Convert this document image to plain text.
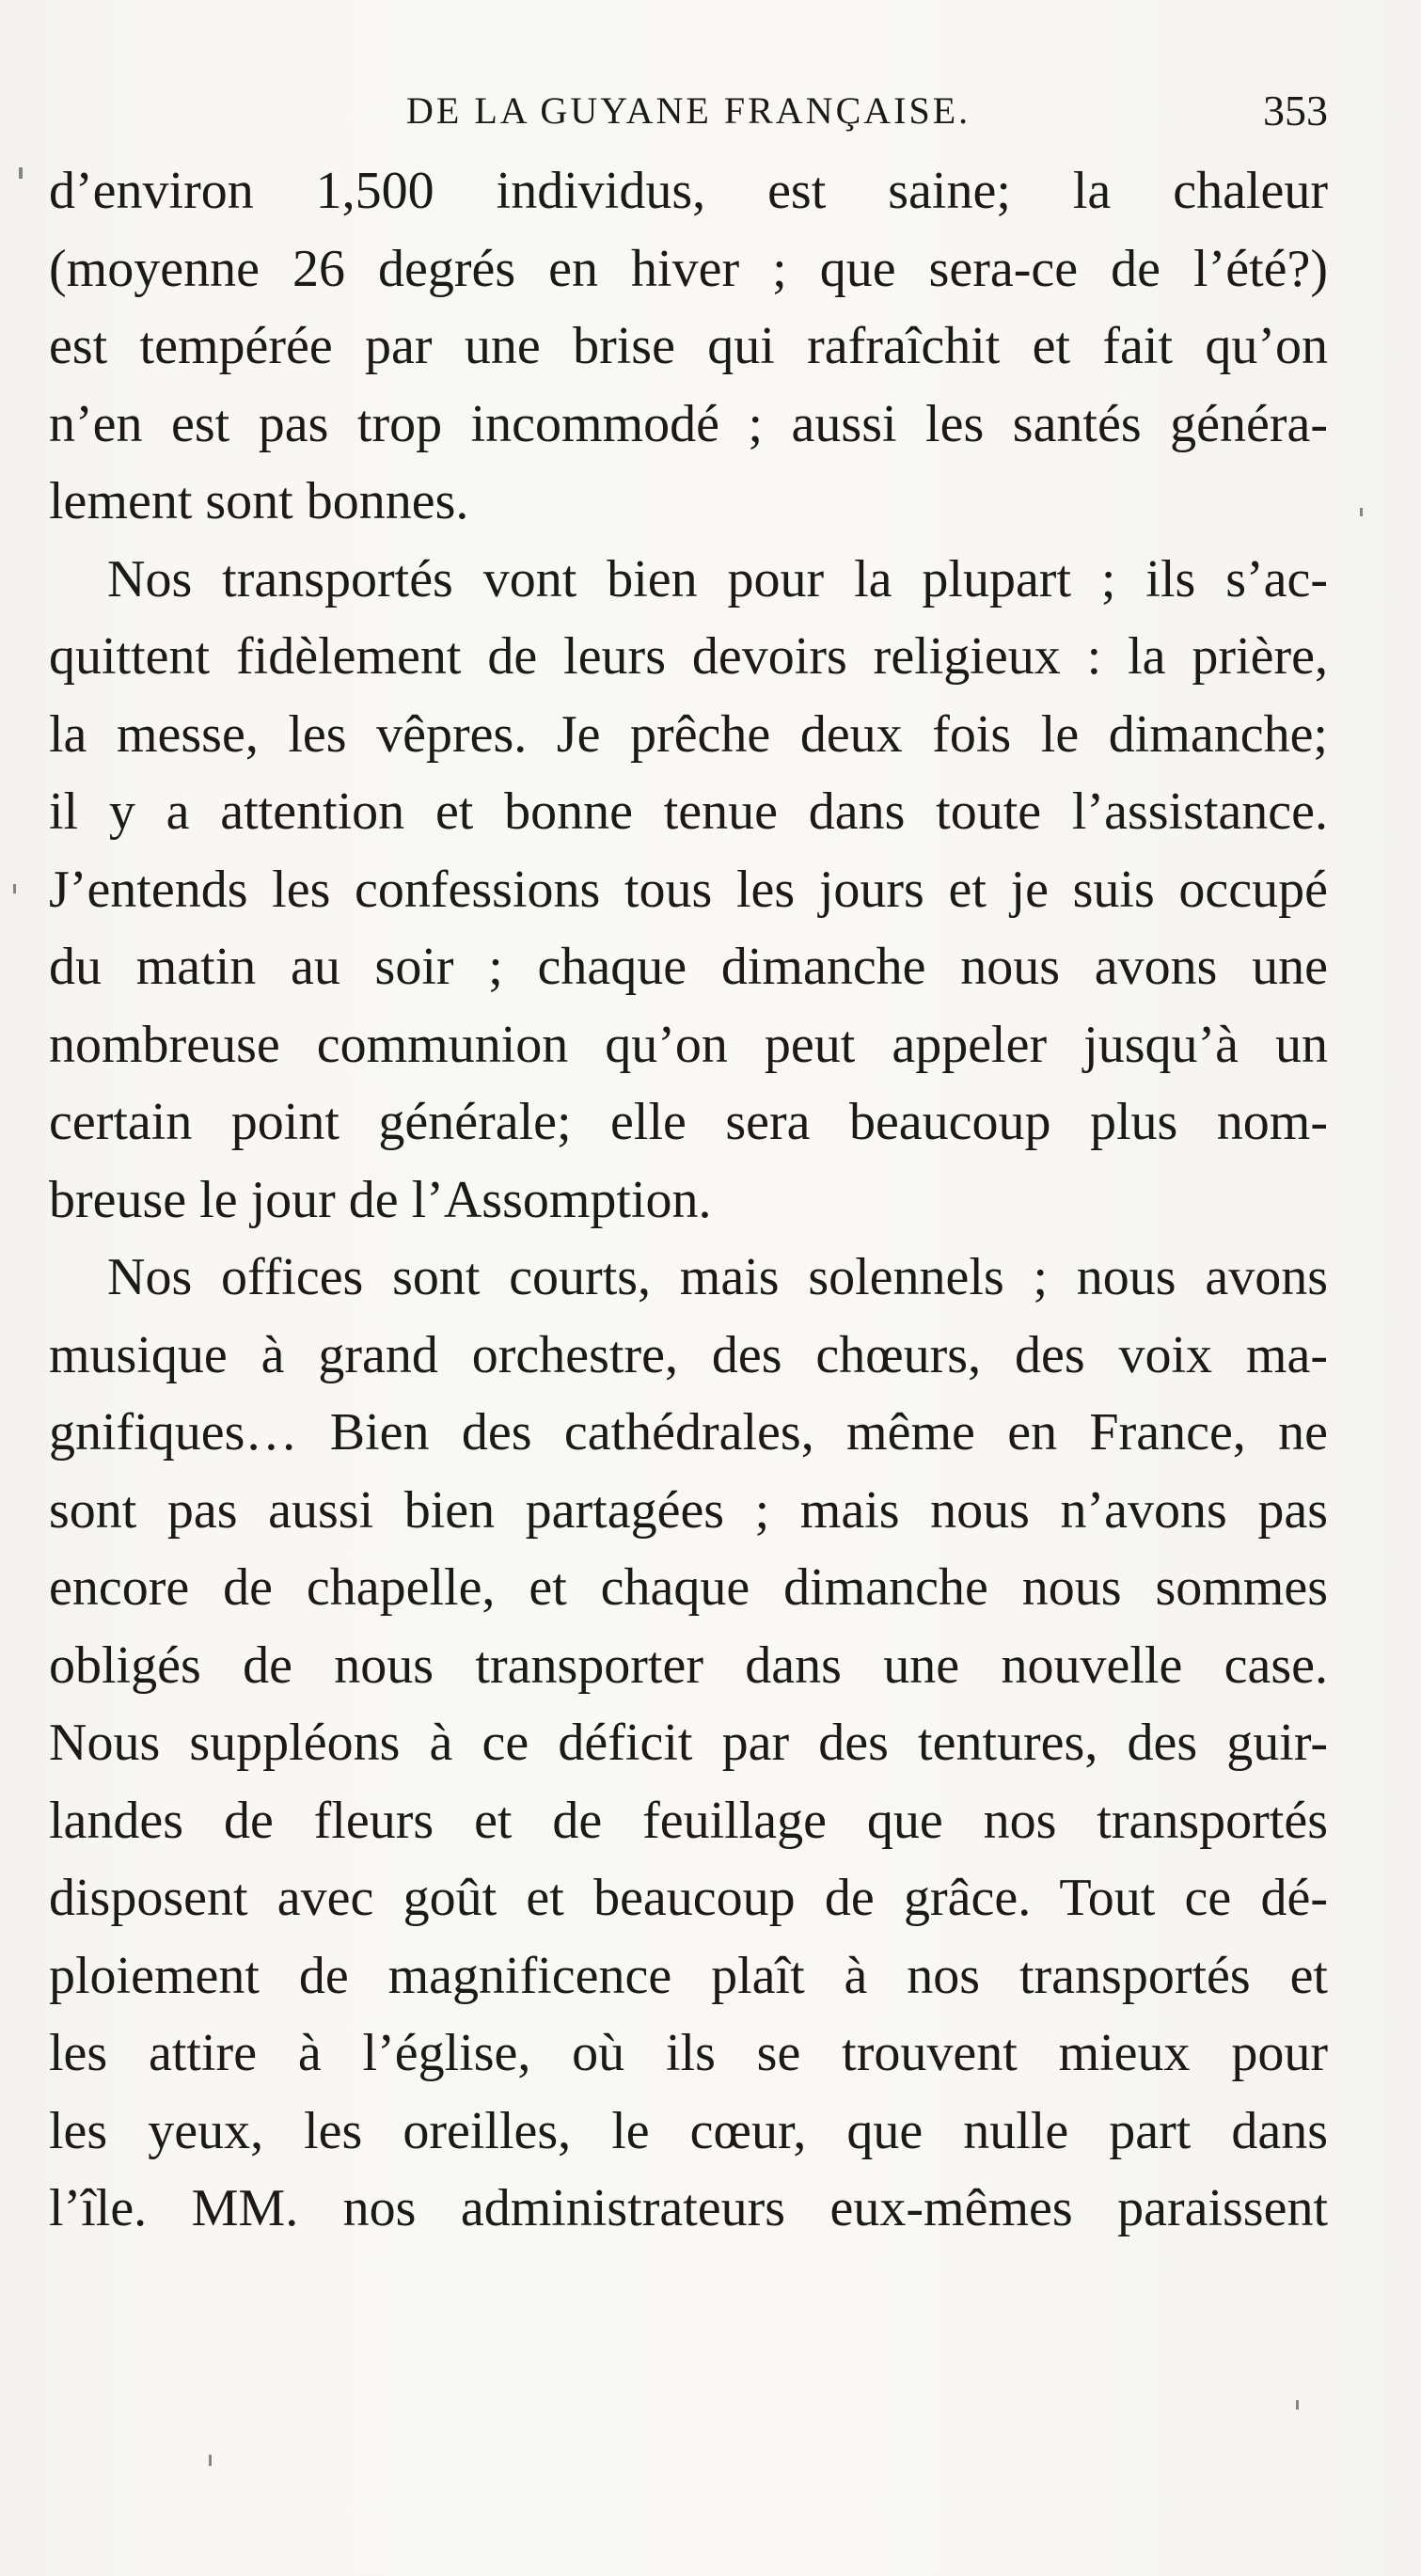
DE LA GUYANE FRANÇAISE.	353

d’environ 1,500 individus, est saine; la chaleur
(moyenne 26 degrés en hiver ; que sera-ce de l’été?)
est tempérée par une brise qui rafraîchit et fait qu’on
n’en est pas trop incommodé ; aussi les santés généra-
lement sont bonnes.

Nos transportés vont bien pour la plupart ; ils s’ac-
quittent fidèlement de leurs devoirs religieux : la prière,
la messe, les vêpres. Je prêche deux fois le dimanche;
il y a attention et bonne tenue dans toute l’assistance.
J’entends les confessions tous les jours et je suis occupé
du matin au soir ; chaque dimanche nous avons une
nombreuse communion qu’on peut appeler jusqu’à un
certain point générale; elle sera beaucoup plus nom-
breuse le jour de l’Assomption.

Nos offices sont courts, mais solennels ; nous avons
musique à grand orchestre, des chœurs, des voix ma-
gnifiques… Bien des cathédrales, même en France, ne
sont pas aussi bien partagées ; mais nous n’avons pas
encore de chapelle, et chaque dimanche nous sommes
obligés de nous transporter dans une nouvelle case.
Nous suppléons à ce déficit par des tentures, des guir-
landes de fleurs et de feuillage que nos transportés
disposent avec goût et beaucoup de grâce. Tout ce dé-
ploiement de magnificence plaît à nos transportés et
les attire à l’église, où ils se trouvent mieux pour
les yeux, les oreilles, le cœur, que nulle part dans
l’île. MM. nos administrateurs eux-mêmes paraissent
